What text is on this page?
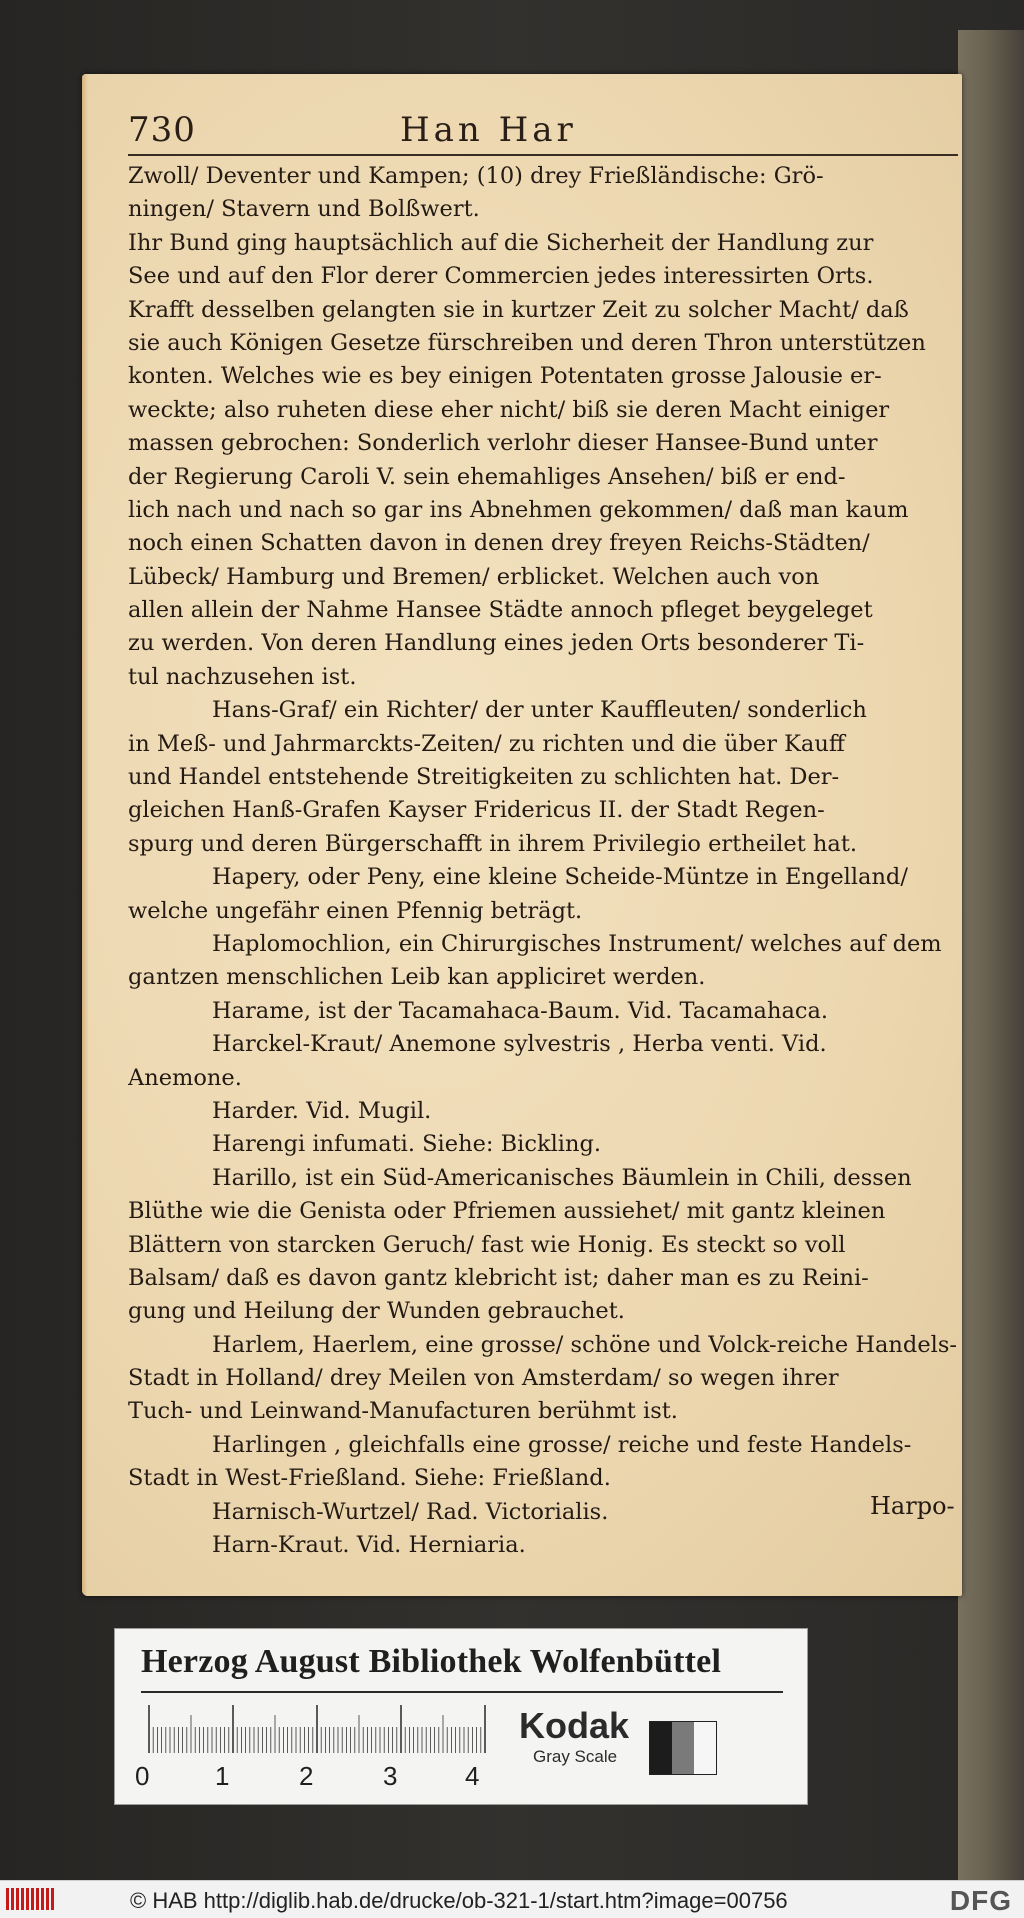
730	Han Har
Zwoll/ Deventer und Kampen; (10) drey Frießländische: Grö-
ningen/ Stavern und Bolßwert.
Ihr Bund ging hauptsächlich auf die Sicherheit der Handlung zur
See und auf den Flor derer Commercien jedes interessirten Orts.
Krafft desselben gelangten sie in kurtzer Zeit zu solcher Macht/ daß
sie auch Königen Gesetze fürschreiben und deren Thron unterstützen
konten. Welches wie es bey einigen Potentaten grosse Jalousie er-
weckte; also ruheten diese eher nicht/ biß sie deren Macht einiger
massen gebrochen: Sonderlich verlohr dieser Hansee-Bund unter
der Regierung Caroli V. sein ehemahliges Ansehen/ biß er end-
lich nach und nach so gar ins Abnehmen gekommen/ daß man kaum
noch einen Schatten davon in denen drey freyen Reichs-Städten/
Lübeck/ Hamburg und Bremen/ erblicket. Welchen auch von
allen allein der Nahme Hansee Städte annoch pfleget beygeleget
zu werden. Von deren Handlung eines jeden Orts besonderer Ti-
tul nachzusehen ist.
Hans-Graf/ ein Richter/ der unter Kauffleuten/ sonderlich
in Meß- und Jahrmarckts-Zeiten/ zu richten und die über Kauff
und Handel entstehende Streitigkeiten zu schlichten hat. Der-
gleichen Hanß-Grafen Kayser Fridericus II. der Stadt Regen-
spurg und deren Bürgerschafft in ihrem Privilegio ertheilet hat.
Hapery, oder Peny, eine kleine Scheide-Müntze in Engelland/
welche ungefähr einen Pfennig beträgt.
Haplomochlion, ein Chirurgisches Instrument/ welches auf dem
gantzen menschlichen Leib kan appliciret werden.
Harame, ist der Tacamahaca-Baum. Vid. Tacamahaca.
Harckel-Kraut/ Anemone sylvestris , Herba venti. Vid.
Anemone.
Harder. Vid. Mugil.
Harengi infumati. Siehe: Bickling.
Harillo, ist ein Süd-Americanisches Bäumlein in Chili, dessen
Blüthe wie die Genista oder Pfriemen aussiehet/ mit gantz kleinen
Blättern von starcken Geruch/ fast wie Honig. Es steckt so voll
Balsam/ daß es davon gantz klebricht ist; daher man es zu Reini-
gung und Heilung der Wunden gebrauchet.
Harlem, Haerlem, eine grosse/ schöne und Volck-reiche Handels-
Stadt in Holland/ drey Meilen von Amsterdam/ so wegen ihrer
Tuch- und Leinwand-Manufacturen berühmt ist.
Harlingen , gleichfalls eine grosse/ reiche und feste Handels-
Stadt in West-Frießland. Siehe: Frießland.
Harnisch-Wurtzel/ Rad. Victorialis.
Harn-Kraut. Vid. Herniaria.
Harpo-
Herzog August Bibliothek Wolfenbüttel
0	1	2	3	4
Kodak
Gray Scale
© HAB http://diglib.hab.de/drucke/ob-321-1/start.htm?image=00756	DFG
